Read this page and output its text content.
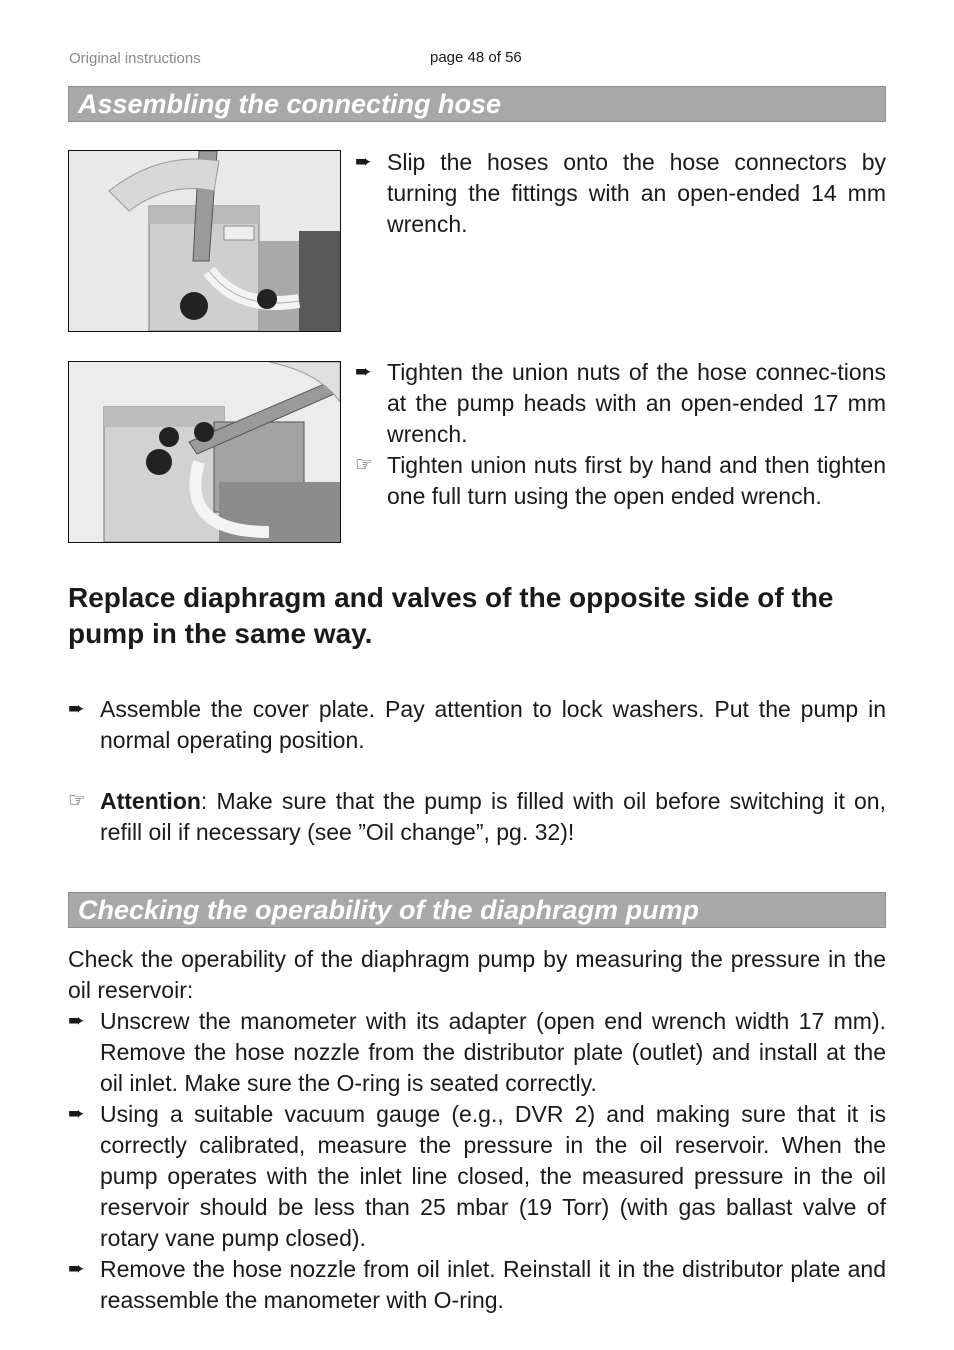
Original instructions	page 48 of 56
Assembling the connecting hose
➨ Slip the hoses onto the hose connectors by turning the fittings with an open-ended 14 mm wrench.
➨ Tighten the union nuts of the hose connec-tions at the pump heads with an open-ended 17 mm wrench.
☞ Tighten union nuts first by hand and then tighten one full turn using the open ended wrench.
Replace diaphragm and valves of the opposite side of the pump in the same way.
➨ Assemble the cover plate. Pay attention to lock washers. Put the pump in normal operating position.
☞ Attention: Make sure that the pump is filled with oil before switching it on, refill oil if necessary (see ”Oil change”, pg. 32)!
Checking the operability of the diaphragm pump
Check the operability of the diaphragm pump by measuring the pressure in the oil reservoir:
➨ Unscrew the manometer with its adapter (open end wrench width 17 mm). Remove the hose nozzle from the distributor plate (outlet) and install at the oil inlet. Make sure the O-ring is seated correctly.
➨ Using a suitable vacuum gauge (e.g., DVR 2) and making sure that it is correctly calibrated, measure the pressure in the oil reservoir. When the pump operates with the inlet line closed, the measured pressure in the oil reservoir should be less than 25 mbar (19 Torr) (with gas ballast valve of rotary vane pump closed).
➨ Remove the hose nozzle from oil inlet. Reinstall it in the distributor plate and reassemble the manometer with O-ring.
